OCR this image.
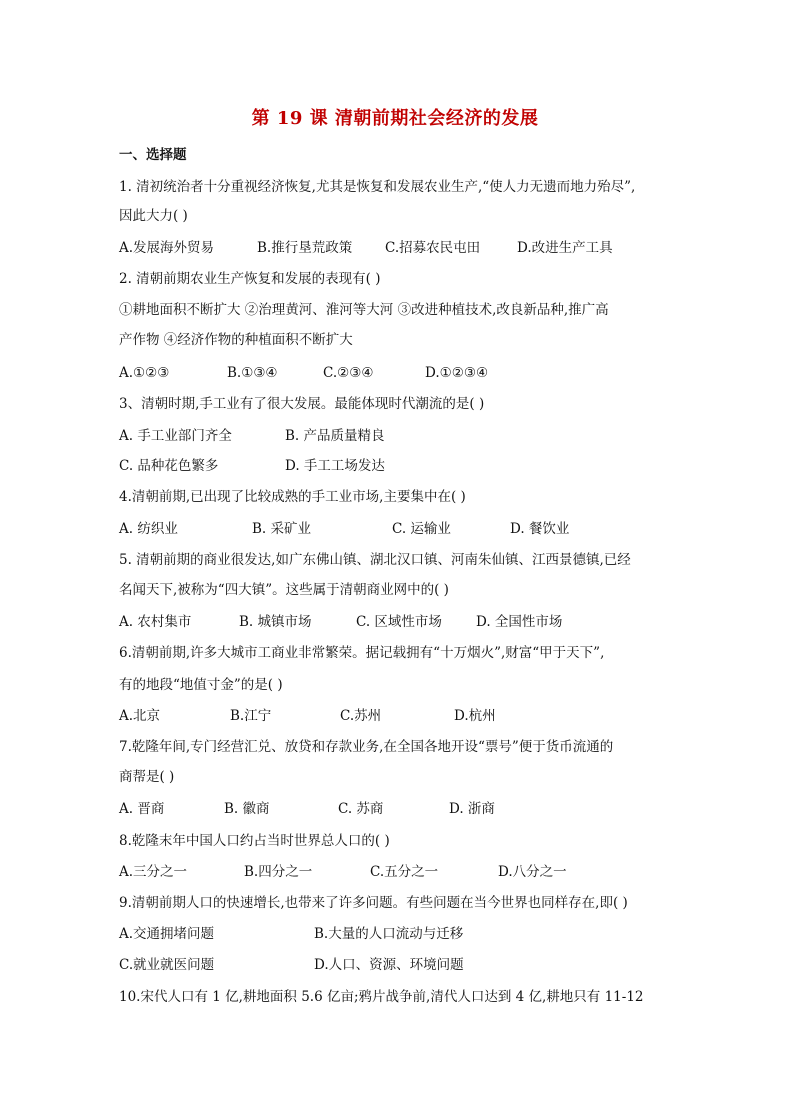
第 19 课 清朝前期社会经济的发展
一、选择题
1. 清初统治者十分重视经济恢复,尤其是恢复和发展农业生产,“使人力无遗而地力殆尽”,
因此大力( )
A.发展海外贸易	B.推行垦荒政策 C.招募农民屯田	D.改进生产工具
2. 清朝前期农业生产恢复和发展的表现有( )
①耕地面积不断扩大 ②治理黄河、淮河等大河 ③改进种植技术,改良新品种,推广高
产作物 ④经济作物的种植面积不断扩大
A.①②③	B.①③④	C.②③④	D.①②③④
3、清朝时期,手工业有了很大发展。最能体现时代潮流的是( )
A. 手工业部门齐全	B. 产品质量精良
C. 品种花色繁多	D. 手工工场发达
4.清朝前期,已出现了比较成熟的手工业市场,主要集中在( )
A. 纺织业	B. 采矿业	C. 运输业	D. 餐饮业
5. 清朝前期的商业很发达,如广东佛山镇、湖北汉口镇、河南朱仙镇、江西景德镇,已经
名闻天下,被称为“四大镇”。这些属于清朝商业网中的( )
A. 农村集市	B. 城镇市场	C. 区域性市场	D. 全国性市场
6.清朝前期,许多大城市工商业非常繁荣。据记载拥有“十万烟火”,财富“甲于天下”,
有的地段“地值寸金”的是( )
A.北京	B.江宁	C.苏州	D.杭州
7.乾隆年间,专门经营汇兑、放贷和存款业务,在全国各地开设“票号”便于货币流通的
商帮是( )
A. 晋商	B. 徽商	C. 苏商	D. 浙商
8.乾隆末年中国人口约占当时世界总人口的( )
A.三分之一	B.四分之一	C.五分之一	D.八分之一
9.清朝前期人口的快速增长,也带来了许多问题。有些问题在当今世界也同样存在,即( )
A.交通拥堵问题	B.大量的人口流动与迁移
C.就业就医问题	D.人口、资源、环境问题
10.宋代人口有 1 亿,耕地面积 5.6 亿亩;鸦片战争前,清代人口达到 4 亿,耕地只有 11-12
